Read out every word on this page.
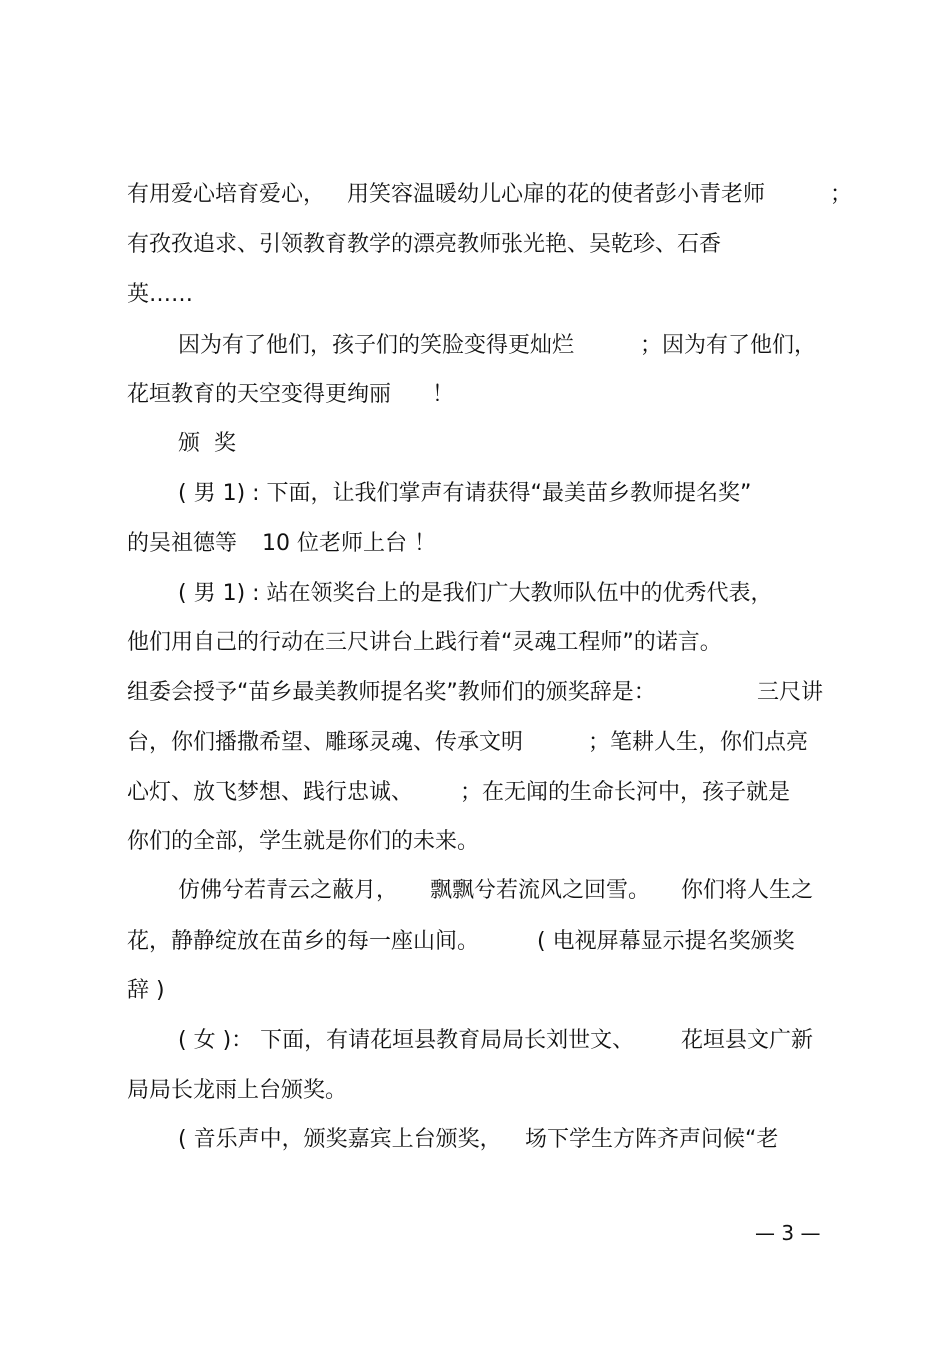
有用爱心培育爱心，

用笑容温暖幼儿心扉的花的使者彭小青老师

	；

有孜孜追求、引领教育教学的漂亮教师张光艳、吴乾珍、石香

英……

因为有了他们，孩子们的笑脸变得更灿烂

	；因为有了他们，

花垣教育的天空变得更绚丽

！

颁  奖

( 男 1) : 下面，让我们掌声有请获得“最美苗乡教师提名奖”

的吴祖德等

10 位老师上台 ！

( 男 1) : 站在领奖台上的是我们广大教师队伍中的优秀代表，

他们用自己的行动在三尺讲台上践行着“灵魂工程师”的诺言。

组委会授予“苗乡最美教师提名奖”教师们的颁奖辞是：

	三尺讲

台，你们播撒希望、雕琢灵魂、传承文明

	；笔耕人生，你们点亮

心灯、放飞梦想、践行忠诚、

；在无闻的生命长河中，孩子就是

你们的全部，学生就是你们的未来。

仿佛兮若青云之蔽月，

飘飘兮若流风之回雪。

你们将人生之

花，静静绽放在苗乡的每一座山间。

	( 电视屏幕显示提名奖颁奖

辞 )

( 女 )： 下面，有请花垣县教育局局长刘世文、

花垣县文广新

局局长龙雨上台颁奖。

( 音乐声中，颁奖嘉宾上台颁奖，

场下学生方阵齐声问候“老

— 3 —
